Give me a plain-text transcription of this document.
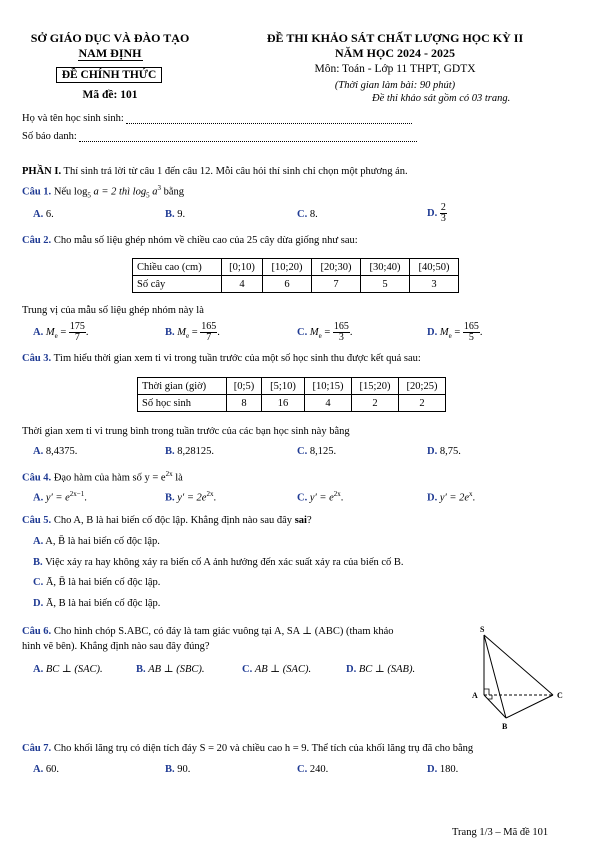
SỞ GIÁO DỤC VÀ ĐÀO TẠO
NAM ĐỊNH
ĐỀ CHÍNH THỨC
Mã đề: 101
ĐỀ THI KHẢO SÁT CHẤT LƯỢNG HỌC KỲ II
NĂM HỌC 2024 - 2025
Môn: Toán - Lớp 11 THPT, GDTX
(Thời gian làm bài: 90 phút)
Đề thi khảo sát gồm có 03 trang.
Họ và tên học sinh sinh:
Số báo danh:
PHẦN I. Thí sinh trả lời từ câu 1 đến câu 12. Mỗi câu hỏi thí sinh chỉ chọn một phương án.
Câu 1. Nếu $\log_5 a = 2$ thì $\log_5 a^3$ bằng
A. 6.	B. 9.	C. 8.	D. $\frac{2}{3}$
Câu 2. Cho mẫu số liệu ghép nhóm về chiều cao của 25 cây dừa giống như sau:
Chiều cao (cm)	[0;10)	[10;20)	[20;30)	[30;40)	[40;50)
Số cây	4	6	7	5	3
Trung vị của mẫu số liệu ghép nhóm này là
A. $M_e = \frac{175}{7}$ .	B. $M_e = \frac{165}{7}$ .	C. $M_e = \frac{165}{3}$ .	D. $M_e = \frac{165}{5}$ .
Câu 3. Tìm hiểu thời gian xem ti vi trong tuần trước của một số học sinh thu được kết quả sau:
Thời gian (giờ)	[0;5)	[5;10)	[10;15)	[15;20)	[20;25)
Số học sinh	8	16	4	2	2
Thời gian xem ti vi trung bình trong tuần trước của các bạn học sinh này bằng
A. 8,4375.	B. 8,28125.	C. 8,125.	D. 8,75.
Câu 4. Đạo hàm của hàm số $y = e^{2x}$ là
A. $y' = e^{2x-1}$.	B. $y' = 2e^{2x}$.	C. $y' = e^{2x}$.	D. $y' = 2e^x$.
Câu 5. Cho A, B là hai biến cố độc lập. Khẳng định nào sau đây sai?
A. A, B̄ là hai biến cố độc lập.
B. Việc xảy ra hay không xảy ra biến cố A ảnh hưởng đến xác suất xảy ra của biến cố B.
C. Ā, B̄ là hai biến cố độc lập.
D. Ā, B là hai biến cố độc lập.
Câu 6. Cho hình chóp S.ABC, có đáy là tam giác vuông tại A, SA ⊥ (ABC) (tham khảo
hình vẽ bên). Khẳng định nào sau đây đúng?
A. BC ⊥ (SAC).	B. AB ⊥ (SBC).	C. AB ⊥ (SAC).	D. BC ⊥ (SAB).
S
A	C
B
Câu 7. Cho khối lăng trụ có diện tích đáy S = 20 và chiều cao h = 9. Thể tích của khối lăng trụ đã cho bằng
A. 60.	B. 90.	C. 240.	D. 180.
Trang 1/3 – Mã đề 101
